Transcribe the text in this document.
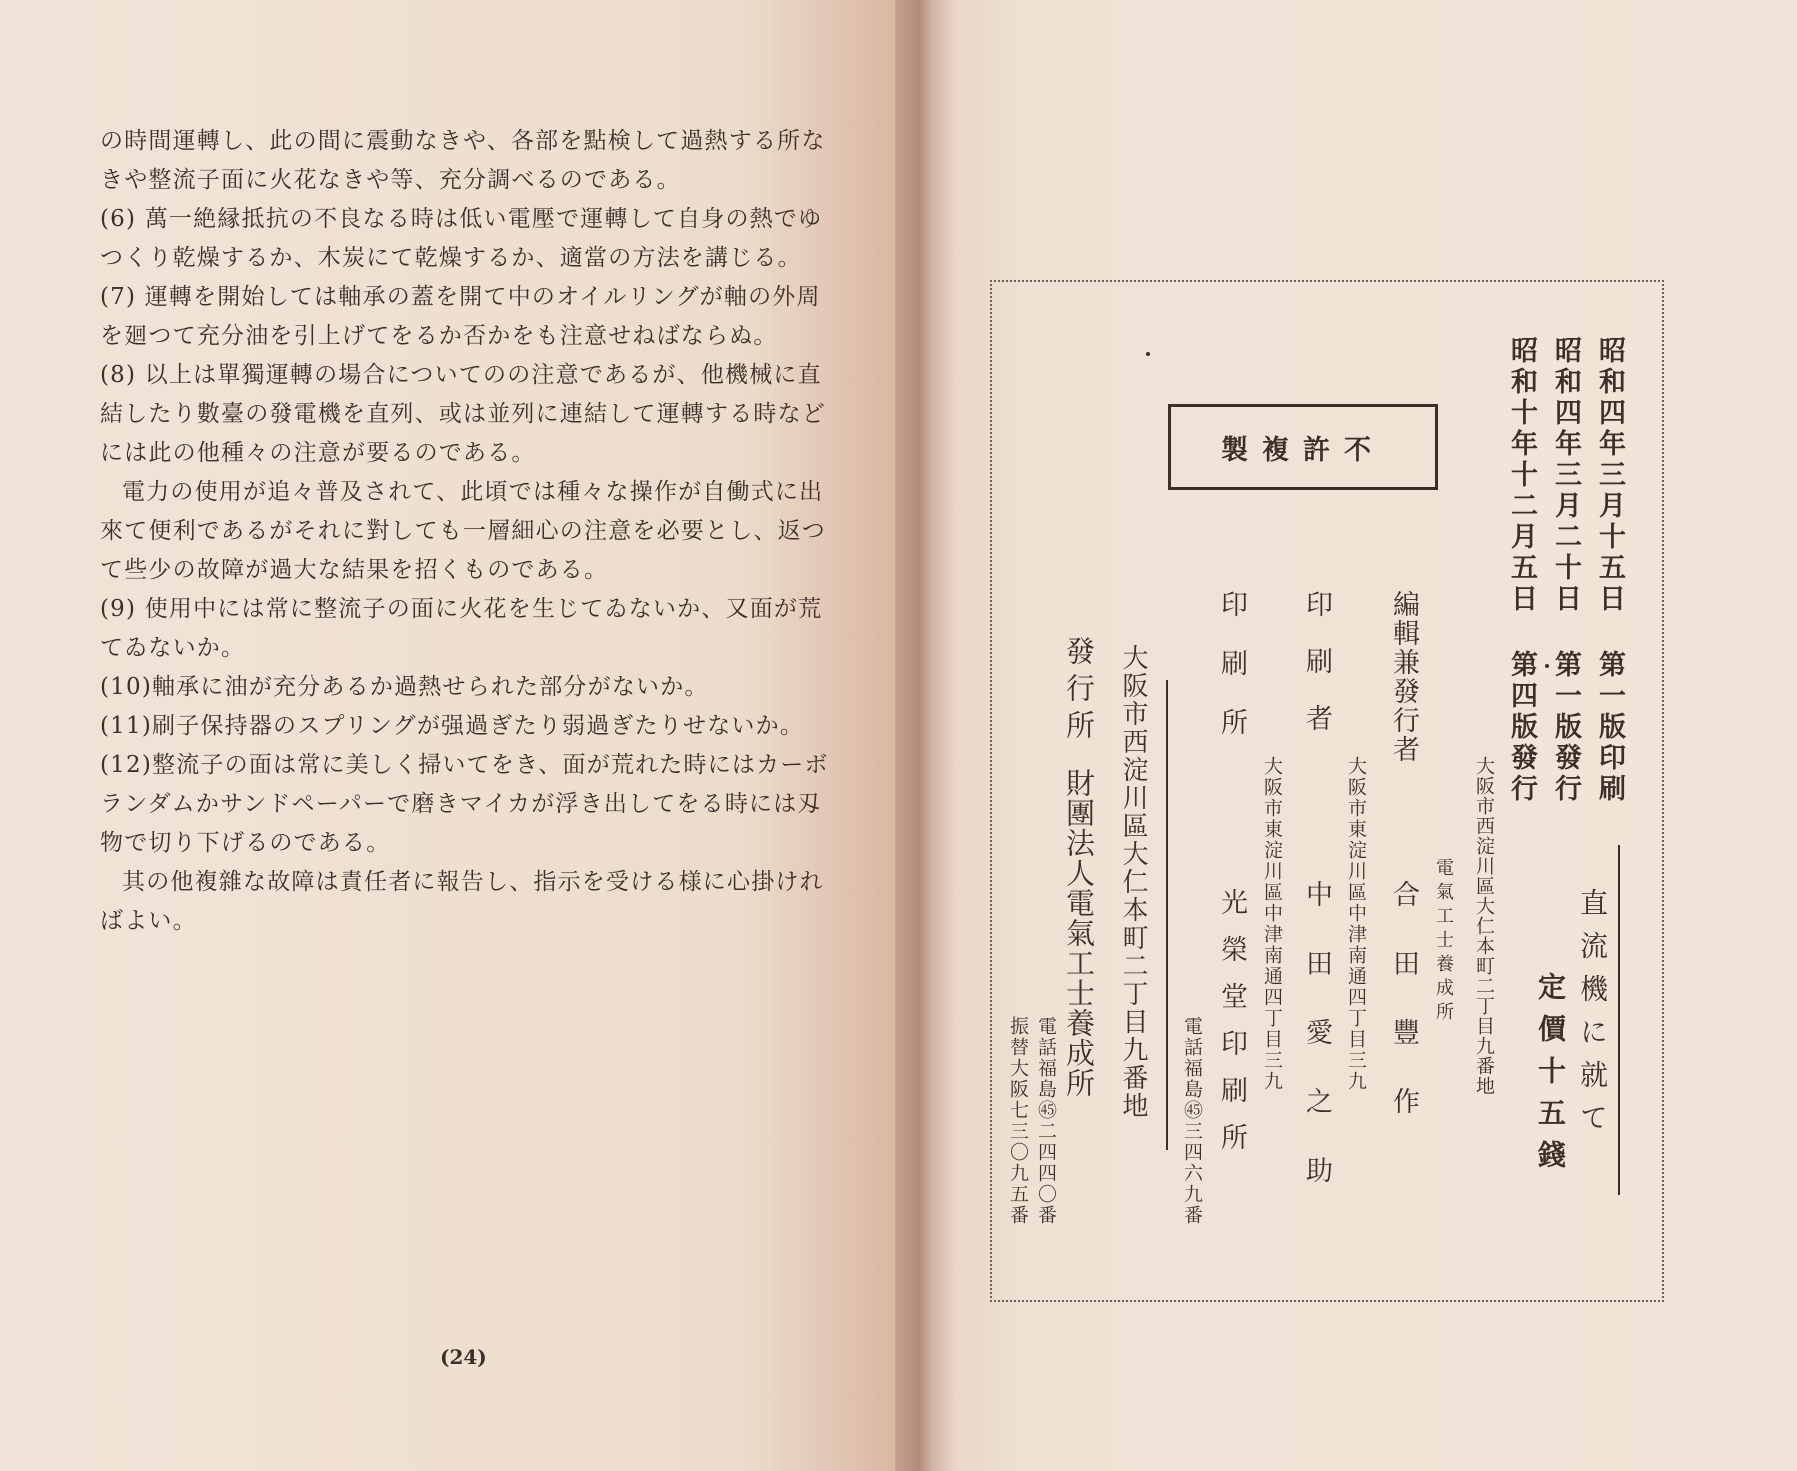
の時間運轉し、此の間に震動なきや、各部を點検して過熱する所な
きや整流子面に火花なきや等、充分調べるのである。
(6) 萬一絶縁抵抗の不良なる時は低い電壓で運轉して自身の熱でゆ
つくり乾燥するか、木炭にて乾燥するか、適當の方法を講じる。
(7) 運轉を開始しては軸承の蓋を開て中のオイルリングが軸の外周
を廻つて充分油を引上げてをるか否かをも注意せねばならぬ。
(8) 以上は單獨運轉の場合についてのの注意であるが、他機械に直
結したり數臺の發電機を直列、或は並列に連結して運轉する時など
には此の他種々の注意が要るのである。
電力の使用が追々普及されて、此頃では種々な操作が自働式に出
來て便利であるがそれに對しても一層細心の注意を必要とし、返つ
て些少の故障が過大な結果を招くものである。
(9) 使用中には常に整流子の面に火花を生じてゐないか、又面が荒
てゐないか。
(10)軸承に油が充分あるか過熱せられた部分がないか。
(11)刷子保持器のスプリングが强過ぎたり弱過ぎたりせないか。
(12)整流子の面は常に美しく掃いてをき、面が荒れた時にはカーボ
ランダムかサンドペーパーで磨きマイカが浮き出してをる時には刄
物で切り下げるのである。
其の他複雜な故障は責任者に報告し、指示を受ける様に心掛けれ
ばよい。
(24)
昭和四年三月十五日 第一版印刷
昭和四年三月二十日 第一版發行
昭和十年十二月五日 第四版發行
直流機に就て
定價十五錢
大阪市西淀川區大仁本町二丁目九番地
電氣工士養成所
編輯兼發行者
合田豐作
印刷者
大阪市東淀川區中津南通四丁目三九
中田愛之助
印刷所
大阪市東淀川區中津南通四丁目三九
光榮堂印刷所
電話福島㊺三四六九番
不許複製
大阪市西淀川區大仁本町二丁目九番地
發行所
財團法人電氣工士養成所
電話福島㊺二四四〇番
振替大阪七三〇九五番
